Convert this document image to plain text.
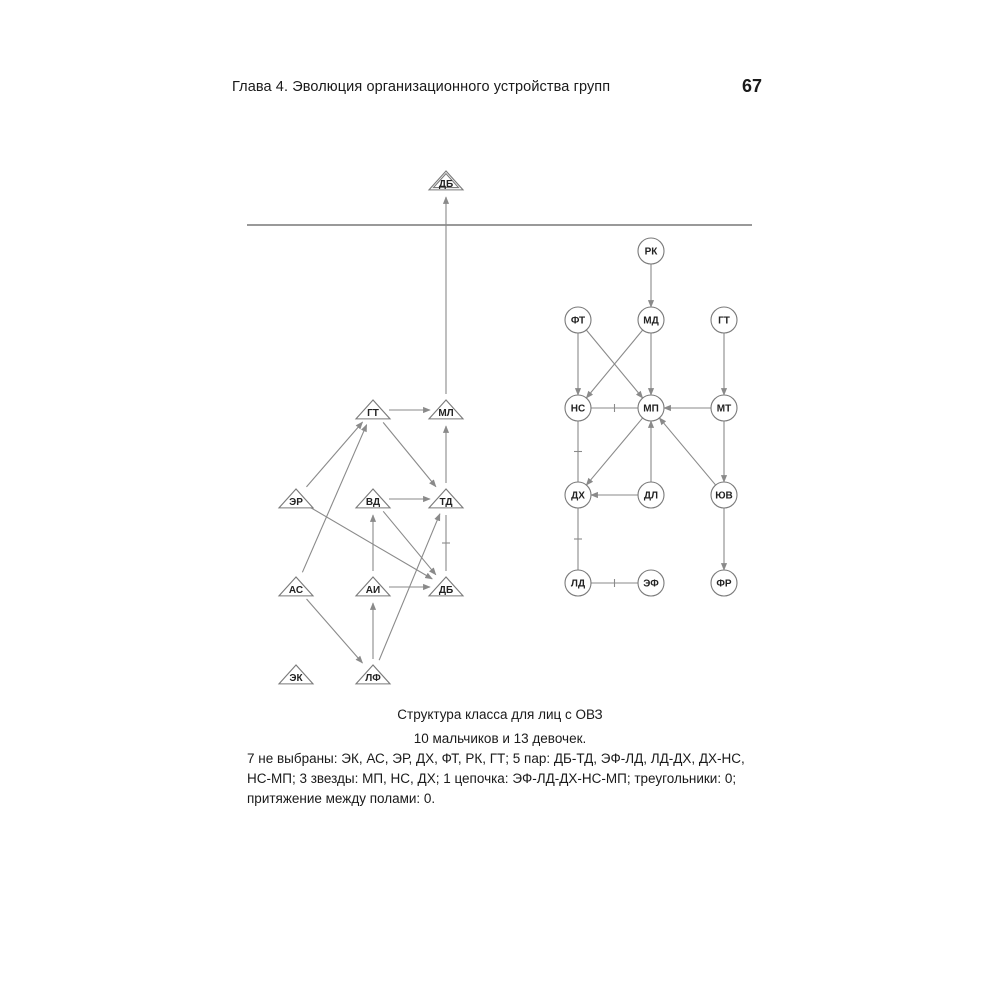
Глава 4. Эволюция организационного устройства групп	67
ДБ
ГТ	МЛ
ЭР	ВД	ТД
АС	АИ	ДБ
ЭК	ЛФ
РК
ФТ	МД	ГТ
НС	МП	МТ
ДХ	ДЛ	ЮВ
ЛД	ЭФ	ФР
Структура класса для лиц с ОВЗ
10 мальчиков и 13 девочек.
7 не выбраны: ЭК, АС, ЭР, ДХ, ФТ, РК, ГТ; 5 пар: ДБ-ТД, ЭФ-ЛД, ЛД-ДХ, ДХ-НС, НС-МП; 3 звезды: МП, НС, ДХ; 1 цепочка: ЭФ-ЛД-ДХ-НС-МП; треугольники: 0; притяжение между полами: 0.
